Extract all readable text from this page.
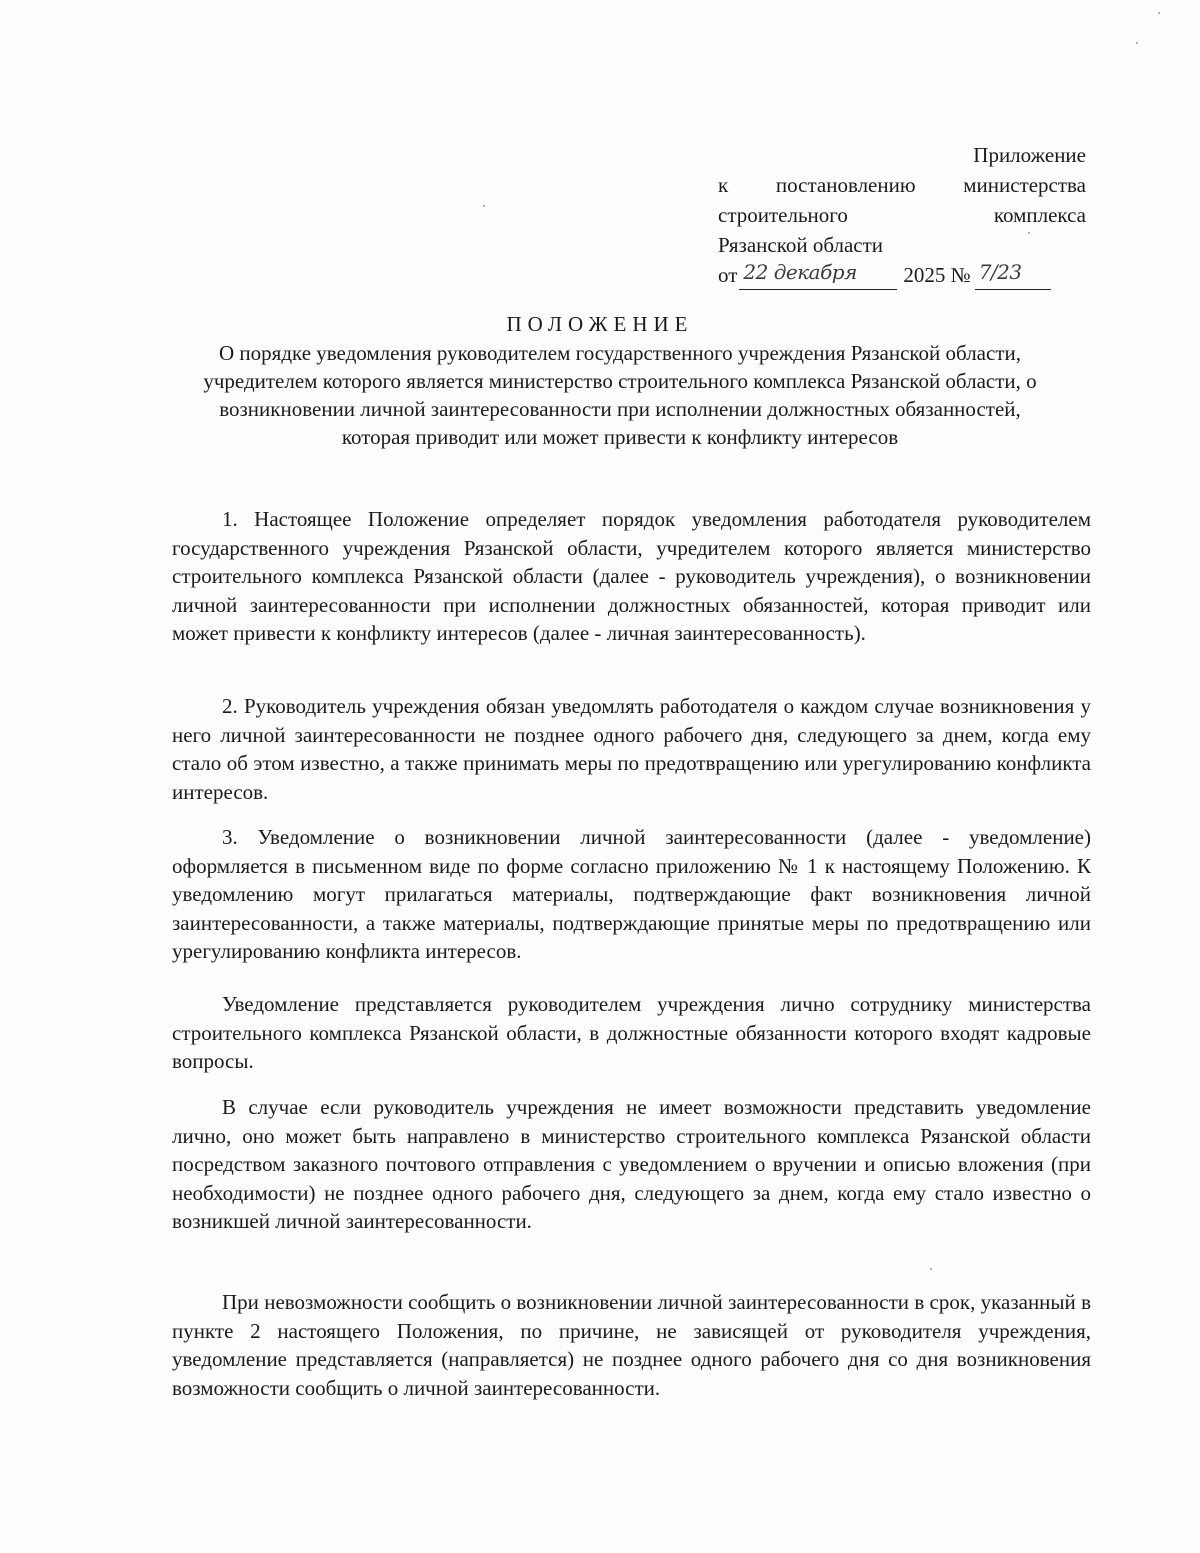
Приложение
к постановлению министерства
строительного комплекса
Рязанской области
от 22 декабря 2025 № 7/23
ПОЛОЖЕНИЕ
О порядке уведомления руководителем государственного учреждения Рязанской области, учредителем которого является министерство строительного комплекса Рязанской области, о возникновении личной заинтересованности при исполнении должностных обязанностей, которая приводит или может привести к конфликту интересов

1. Настоящее Положение определяет порядок уведомления работодателя руководителем государственного учреждения Рязанской области, учредителем которого является министерство строительного комплекса Рязанской области (далее - руководитель учреждения), о возникновении личной заинтересованности при исполнении должностных обязанностей, которая приводит или может привести к конфликту интересов (далее - личная заинтересованность).

2. Руководитель учреждения обязан уведомлять работодателя о каждом случае возникновения у него личной заинтересованности не позднее одного рабочего дня, следующего за днем, когда ему стало об этом известно, а также принимать меры по предотвращению или урегулированию конфликта интересов.

3. Уведомление о возникновении личной заинтересованности (далее - уведомление) оформляется в письменном виде по форме согласно приложению № 1 к настоящему Положению. К уведомлению могут прилагаться материалы, подтверждающие факт возникновения личной заинтересованности, а также материалы, подтверждающие принятые меры по предотвращению или урегулированию конфликта интересов.

Уведомление представляется руководителем учреждения лично сотруднику министерства строительного комплекса Рязанской области, в должностные обязанности которого входят кадровые вопросы.

В случае если руководитель учреждения не имеет возможности представить уведомление лично, оно может быть направлено в министерство строительного комплекса Рязанской области посредством заказного почтового отправления с уведомлением о вручении и описью вложения (при необходимости) не позднее одного рабочего дня, следующего за днем, когда ему стало известно о возникшей личной заинтересованности.

При невозможности сообщить о возникновении личной заинтересованности в срок, указанный в пункте 2 настоящего Положения, по причине, не зависящей от руководителя учреждения, уведомление представляется (направляется) не позднее одного рабочего дня со дня возникновения возможности сообщить о личной заинтересованности.
